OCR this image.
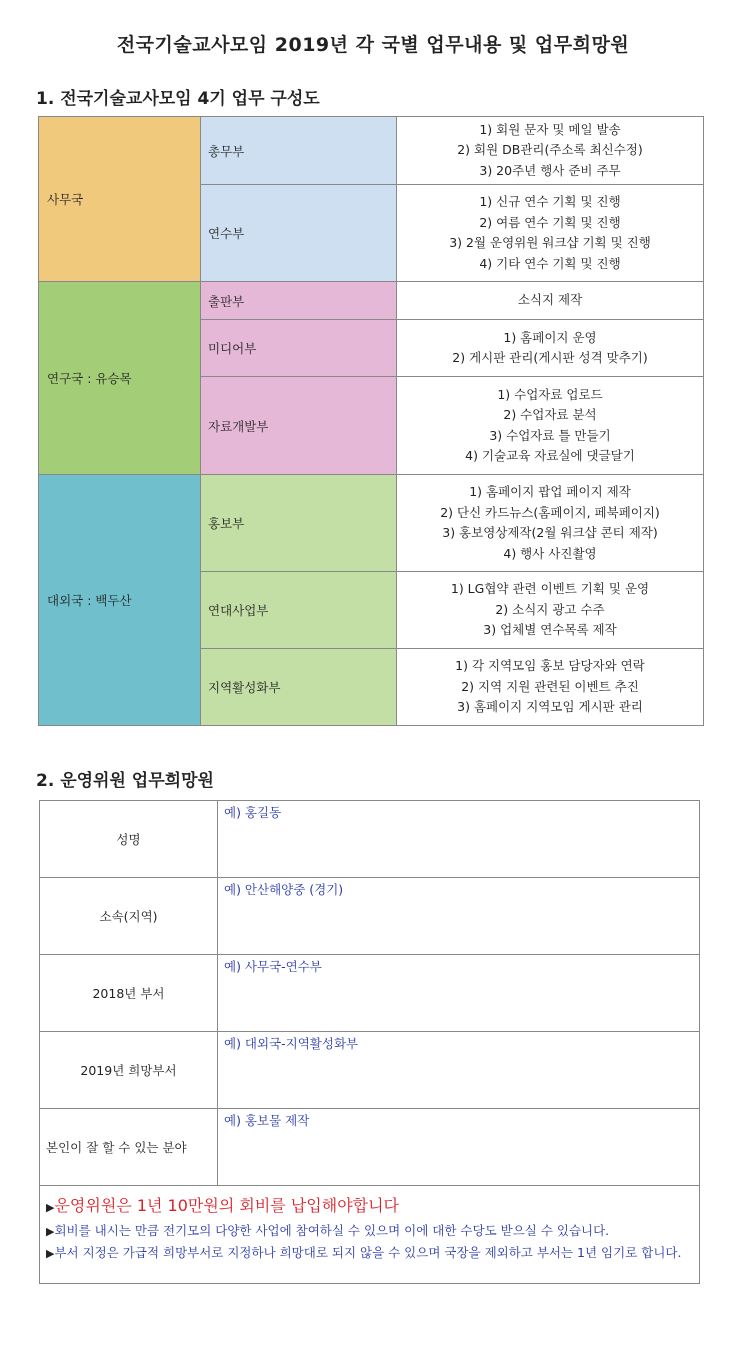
전국기술교사모임 2019년 각 국별 업무내용 및 업무희망원
1. 전국기술교사모임 4기 업무 구성도
사무국
연구국 : 유승목
대외국 : 백두산
총무부
연수부
출판부
미디어부
자료개발부
홍보부
연대사업부
지역활성화부
1) 회원 문자 및 메일 발송
2) 회원 DB관리(주소록 최신수정)
3) 20주년 행사 준비 주무
1) 신규 연수 기획 및 진행
2) 여름 연수 기획 및 진행
3) 2월 운영위원 워크샵 기획 및 진행
4) 기타 연수 기획 및 진행
소식지 제작
1) 홈페이지 운영
2) 게시판 관리(게시판 성격 맞추기)
1) 수업자료 업로드
2) 수업자료 분석
3) 수업자료 틀 만들기
4) 기술교육 자료실에 댓글달기
1) 홈페이지 팝업 페이지 제작
2) 단신 카드뉴스(홈페이지, 페북페이지)
3) 홍보영상제작(2월 워크샵 콘티 제작)
4) 행사 사진촬영
1) LG협약 관련 이벤트 기획 및 운영
2) 소식지 광고 수주
3) 업체별 연수목록 제작
1) 각 지역모임 홍보 담당자와 연락
2) 지역 지원 관련된 이벤트 추진
3) 홈페이지 지역모임 게시판 관리
2. 운영위원 업무희망원
성명
예) 홍길동
소속(지역)
예) 안산해양중 (경기)
2018년 부서
예) 사무국-연수부
2019년 희망부서
예) 대외국-지역활성화부
본인이 잘 할 수 있는 분야
예) 홍보물 제작
▶운영위원은 1년 10만원의 회비를 납입해야합니다
▶회비를 내시는 만큼 전기모의 다양한 사업에 참여하실 수 있으며 이에 대한 수당도 받으실 수 있습니다.
▶부서 지정은 가급적 희망부서로 지정하나 희망대로 되지 않을 수 있으며 국장을 제외하고 부서는 1년 임기로 합니다.
